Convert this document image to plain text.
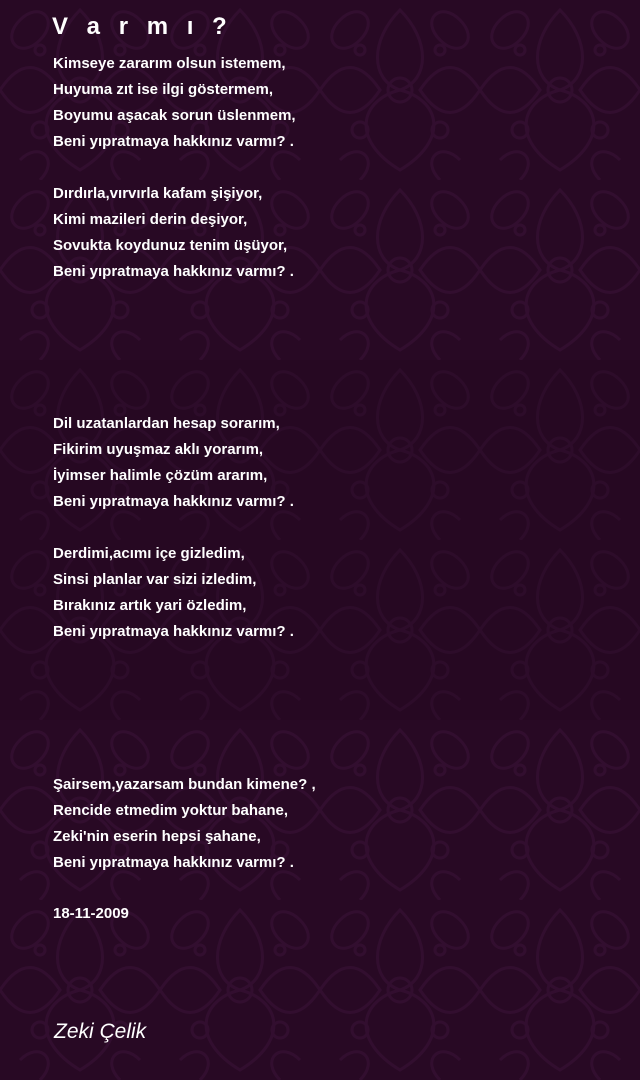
V a r m ı ?
Kimseye zararım olsun istemem,
Huyuma zıt ise ilgi göstermem,
Boyumu aşacak sorun üslenmem,
Beni yıpratmaya hakkınız varmı? .
Dırdırla,vırvırla kafam şişiyor,
Kimi mazileri derin deşiyor,
Sovukta koydunuz tenim üşüyor,
Beni yıpratmaya hakkınız varmı? .
Dil uzatanlardan hesap sorarım,
Fikirim uyuşmaz aklı yorarım,
İyimser halimle çözüm ararım,
Beni yıpratmaya hakkınız varmı? .
Derdimi,acımı içe gizledim,
Sinsi planlar var sizi izledim,
Bırakınız artık yari özledim,
Beni yıpratmaya hakkınız varmı? .
Şairsem,yazarsam bundan kimene? ,
Rencide etmedim yoktur bahane,
Zeki'nin eserin hepsi şahane,
Beni yıpratmaya hakkınız varmı? .
18-11-2009
Zeki Çelik
